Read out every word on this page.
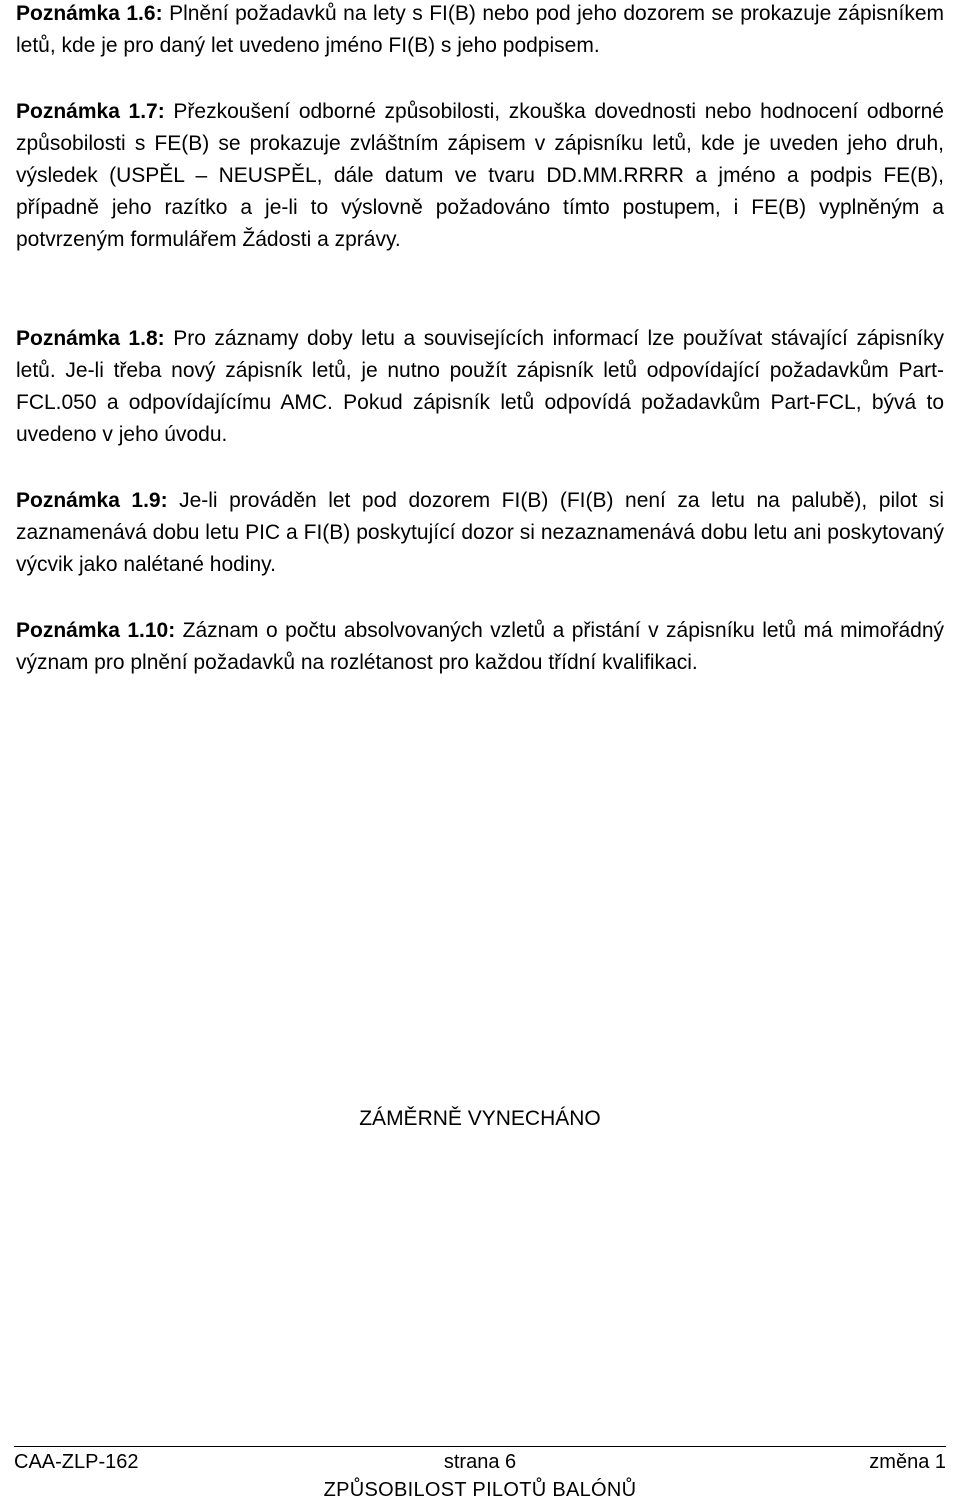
Poznámka 1.6: Plnění požadavků na lety s FI(B) nebo pod jeho dozorem se prokazuje zápisníkem letů, kde je pro daný let uvedeno jméno FI(B) s jeho podpisem.

Poznámka 1.7: Přezkoušení odborné způsobilosti, zkouška dovednosti nebo hodnocení odborné způsobilosti s FE(B) se prokazuje zvláštním zápisem v zápisníku letů, kde je uveden jeho druh, výsledek (USPĚL – NEUSPĚL, dále datum ve tvaru DD.MM.RRRR a jméno a podpis FE(B), případně jeho razítko a je-li to výslovně požadováno tímto postupem, i FE(B) vyplněným a potvrzeným formulářem Žádosti a zprávy.

Poznámka 1.8: Pro záznamy doby letu a souvisejících informací lze používat stávající zápisníky letů. Je-li třeba nový zápisník letů, je nutno použít zápisník letů odpovídající požadavkům Part-FCL.050 a odpovídajícímu AMC. Pokud zápisník letů odpovídá požadavkům Part-FCL, bývá to uvedeno v jeho úvodu.

Poznámka 1.9: Je-li prováděn let pod dozorem FI(B) (FI(B) není za letu na palubě), pilot si zaznamenává dobu letu PIC a FI(B) poskytující dozor si nezaznamenává dobu letu ani poskytovaný výcvik jako nalétané hodiny.

Poznámka 1.10: Záznam o počtu absolvovaných vzletů a přistání v zápisníku letů má mimořádný význam pro plnění požadavků na rozlétanost pro každou třídní kvalifikaci.

ZÁMĚRNĚ VYNECHÁNO
CAA-ZLP-162	strana 6	změna 1
ZPŮSOBILOST PILOTŮ BALÓNŮ
